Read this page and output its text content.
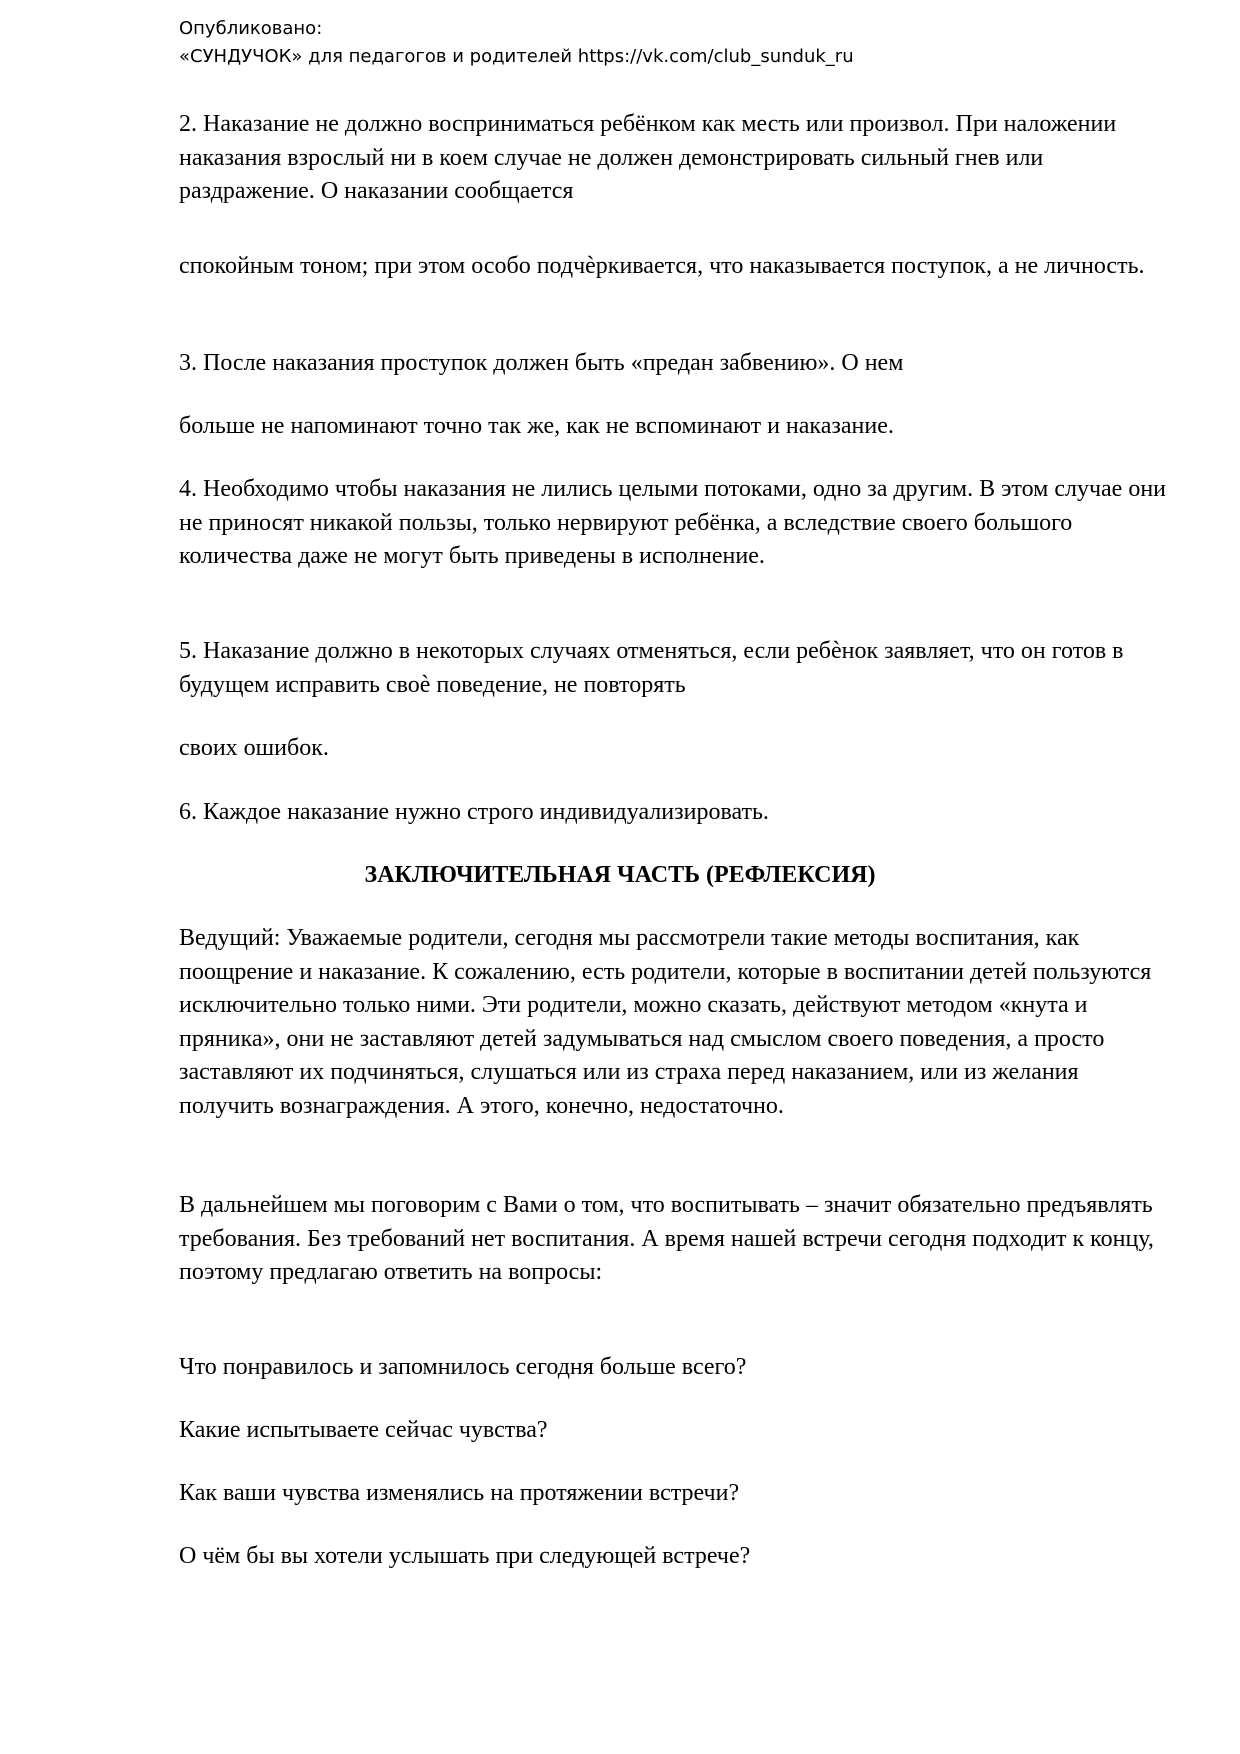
Опубликовано:
«СУНДУЧОК» для педагогов и родителей https://vk.com/club_sunduk_ru

2. Наказание не должно восприниматься ребёнком как месть или произвол. При наложении наказания взрослый ни в коем случае не должен демонстрировать сильный гнев или раздражение. О наказании сообщается

спокойным тоном; при этом особо подчѐркивается, что наказывается поступок, а не личность.

3. После наказания проступок должен быть «предан забвению». О нем

больше не напоминают точно так же, как не вспоминают и наказание.

4. Необходимо чтобы наказания не лились целыми потоками, одно за другим. В этом случае они не приносят никакой пользы, только нервируют ребёнка, а вследствие своего большого количества даже не могут быть приведены в исполнение.

5. Наказание должно в некоторых случаях отменяться, если ребѐнок заявляет, что он готов в будущем исправить своѐ поведение, не повторять

своих ошибок.

6. Каждое наказание нужно строго индивидуализировать.

ЗАКЛЮЧИТЕЛЬНАЯ ЧАСТЬ (РЕФЛЕКСИЯ)

Ведущий: Уважаемые родители, сегодня мы рассмотрели такие методы воспитания, как поощрение и наказание. К сожалению, есть родители, которые в воспитании детей пользуются исключительно только ними. Эти родители, можно сказать, действуют методом «кнута и пряника», они не заставляют детей задумываться над смыслом своего поведения, а просто заставляют их подчиняться, слушаться или из страха перед наказанием, или из желания получить вознаграждения. А этого, конечно, недостаточно.

В дальнейшем мы поговорим с Вами о том, что воспитывать – значит обязательно предъявлять требования. Без требований нет воспитания. А время нашей встречи сегодня подходит к концу, поэтому предлагаю ответить на вопросы:

Что понравилось и запомнилось сегодня больше всего?

Какие испытываете сейчас чувства?

Как ваши чувства изменялись на протяжении встречи?

О чём бы вы хотели услышать при следующей встрече?
